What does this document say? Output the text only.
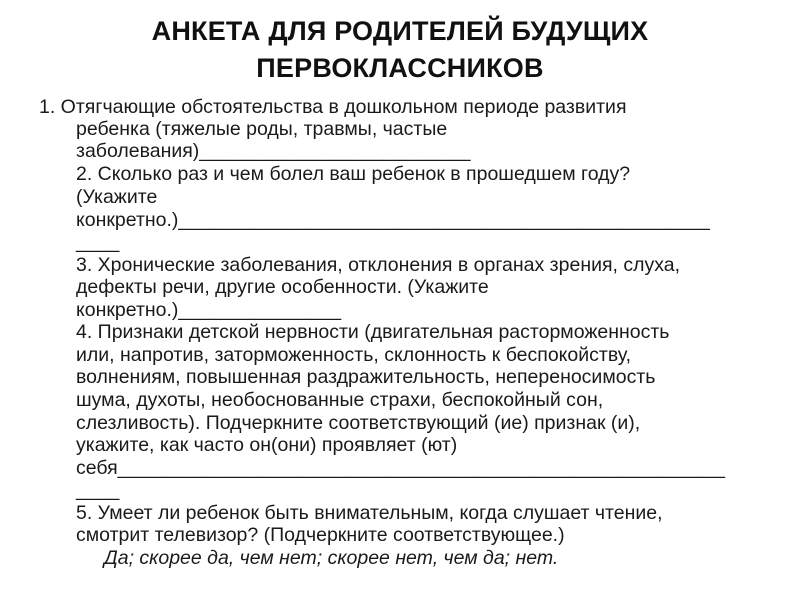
АНКЕТА ДЛЯ РОДИТЕЛЕЙ БУДУЩИХ
ПЕРВОКЛАССНИКОВ
1. Отягчающие обстоятельства в дошкольном периоде развития
ребенка (тяжелые роды, травмы, частые
заболевания)_________________________
2. Сколько раз и чем болел ваш ребенок в прошедшем году?
(Укажите
конкретно.)_________________________________________________
____
3. Хронические заболевания, отклонения в органах зрения, слуха,
дефекты речи, другие особенности. (Укажите
конкретно.)_______________
4. Признаки детской нервности (двигательная расторможенность
или, напротив, заторможенность, склонность к беспокойству,
волнениям, повышенная раздражительность, непереносимость
шума, духоты, необоснованные страхи, беспокойный сон,
слезливость). Подчеркните соответствующий (ие) признак (и),
укажите, как часто он(они) проявляет (ют)
себя________________________________________________________
____
5. Умеет ли ребенок быть внимательным, когда слушает чтение,
смотрит телевизор? (Подчеркните соответствующее.)
Да; скорее да, чем нет; скорее нет, чем да; нет.
